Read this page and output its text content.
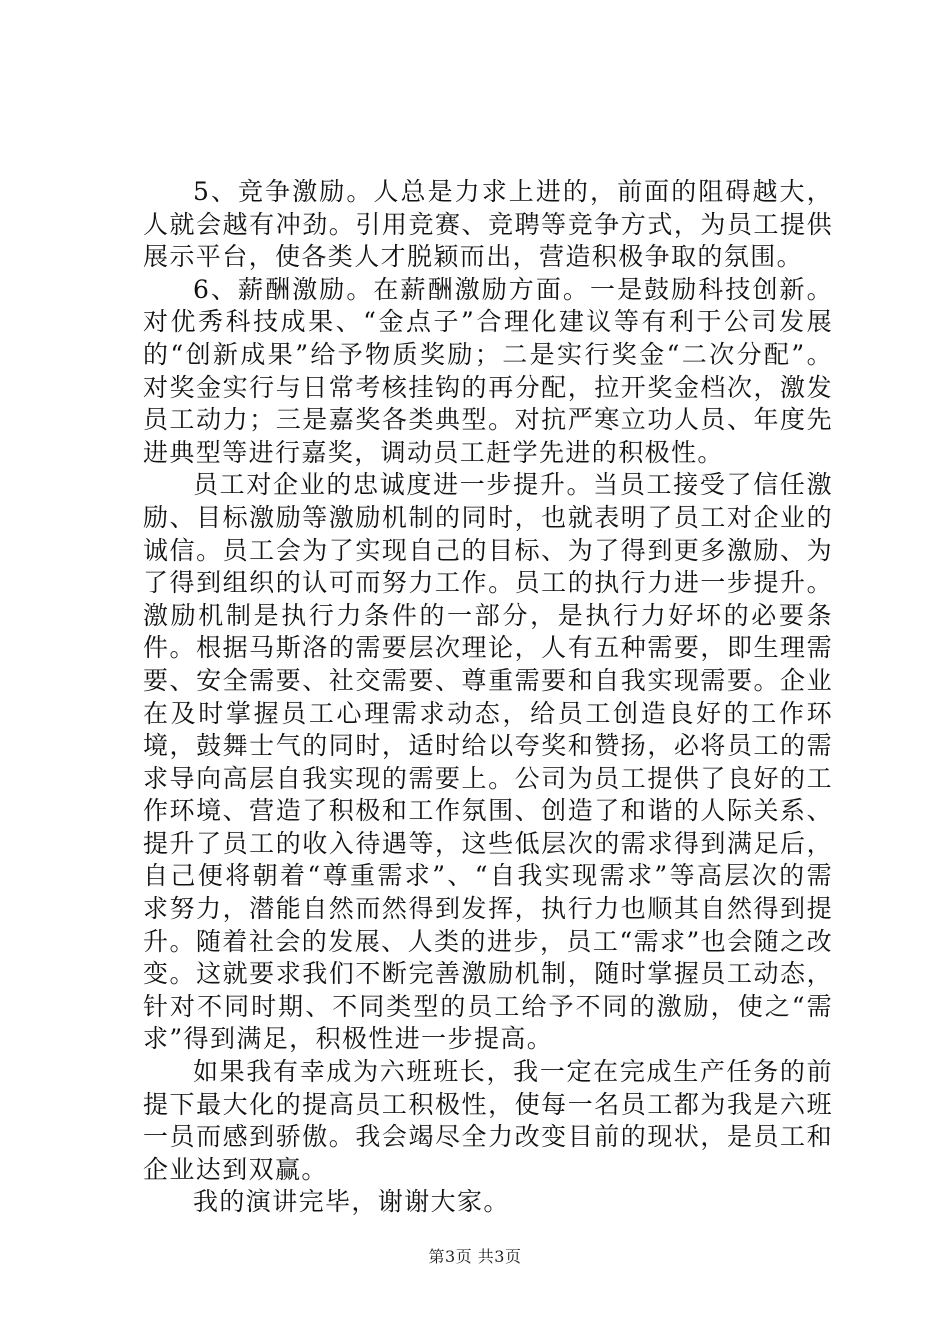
5、竞争激励。人总是力求上进的，前面的阻碍越大，人就会越有冲劲。引用竞赛、竞聘等竞争方式，为员工提供展示平台，使各类人才脱颖而出，营造积极争取的氛围。

6、薪酬激励。在薪酬激励方面。一是鼓励科技创新。对优秀科技成果、“金点子”合理化建议等有利于公司发展的“创新成果”给予物质奖励；二是实行奖金“二次分配”。对奖金实行与日常考核挂钩的再分配，拉开奖金档次，激发员工动力；三是嘉奖各类典型。对抗严寒立功人员、年度先进典型等进行嘉奖，调动员工赶学先进的积极性。

员工对企业的忠诚度进一步提升。当员工接受了信任激励、目标激励等激励机制的同时，也就表明了员工对企业的诚信。员工会为了实现自己的目标、为了得到更多激励、为了得到组织的认可而努力工作。员工的执行力进一步提升。激励机制是执行力条件的一部分，是执行力好坏的必要条件。根据马斯洛的需要层次理论，人有五种需要，即生理需要、安全需要、社交需要、尊重需要和自我实现需要。企业在及时掌握员工心理需求动态，给员工创造良好的工作环境，鼓舞士气的同时，适时给以夸奖和赞扬，必将员工的需求导向高层自我实现的需要上。公司为员工提供了良好的工作环境、营造了积极和工作氛围、创造了和谐的人际关系、提升了员工的收入待遇等，这些低层次的需求得到满足后，自己便将朝着“尊重需求”、“自我实现需求”等高层次的需求努力，潜能自然而然得到发挥，执行力也顺其自然得到提升。随着社会的发展、人类的进步，员工“需求”也会随之改变。这就要求我们不断完善激励机制，随时掌握员工动态，针对不同时期、不同类型的员工给予不同的激励，使之“需求”得到满足，积极性进一步提高。

如果我有幸成为六班班长，我一定在完成生产任务的前提下最大化的提高员工积极性，使每一名员工都为我是六班一员而感到骄傲。我会竭尽全力改变目前的现状，是员工和企业达到双赢。

我的演讲完毕，谢谢大家。

第3页 共3页
